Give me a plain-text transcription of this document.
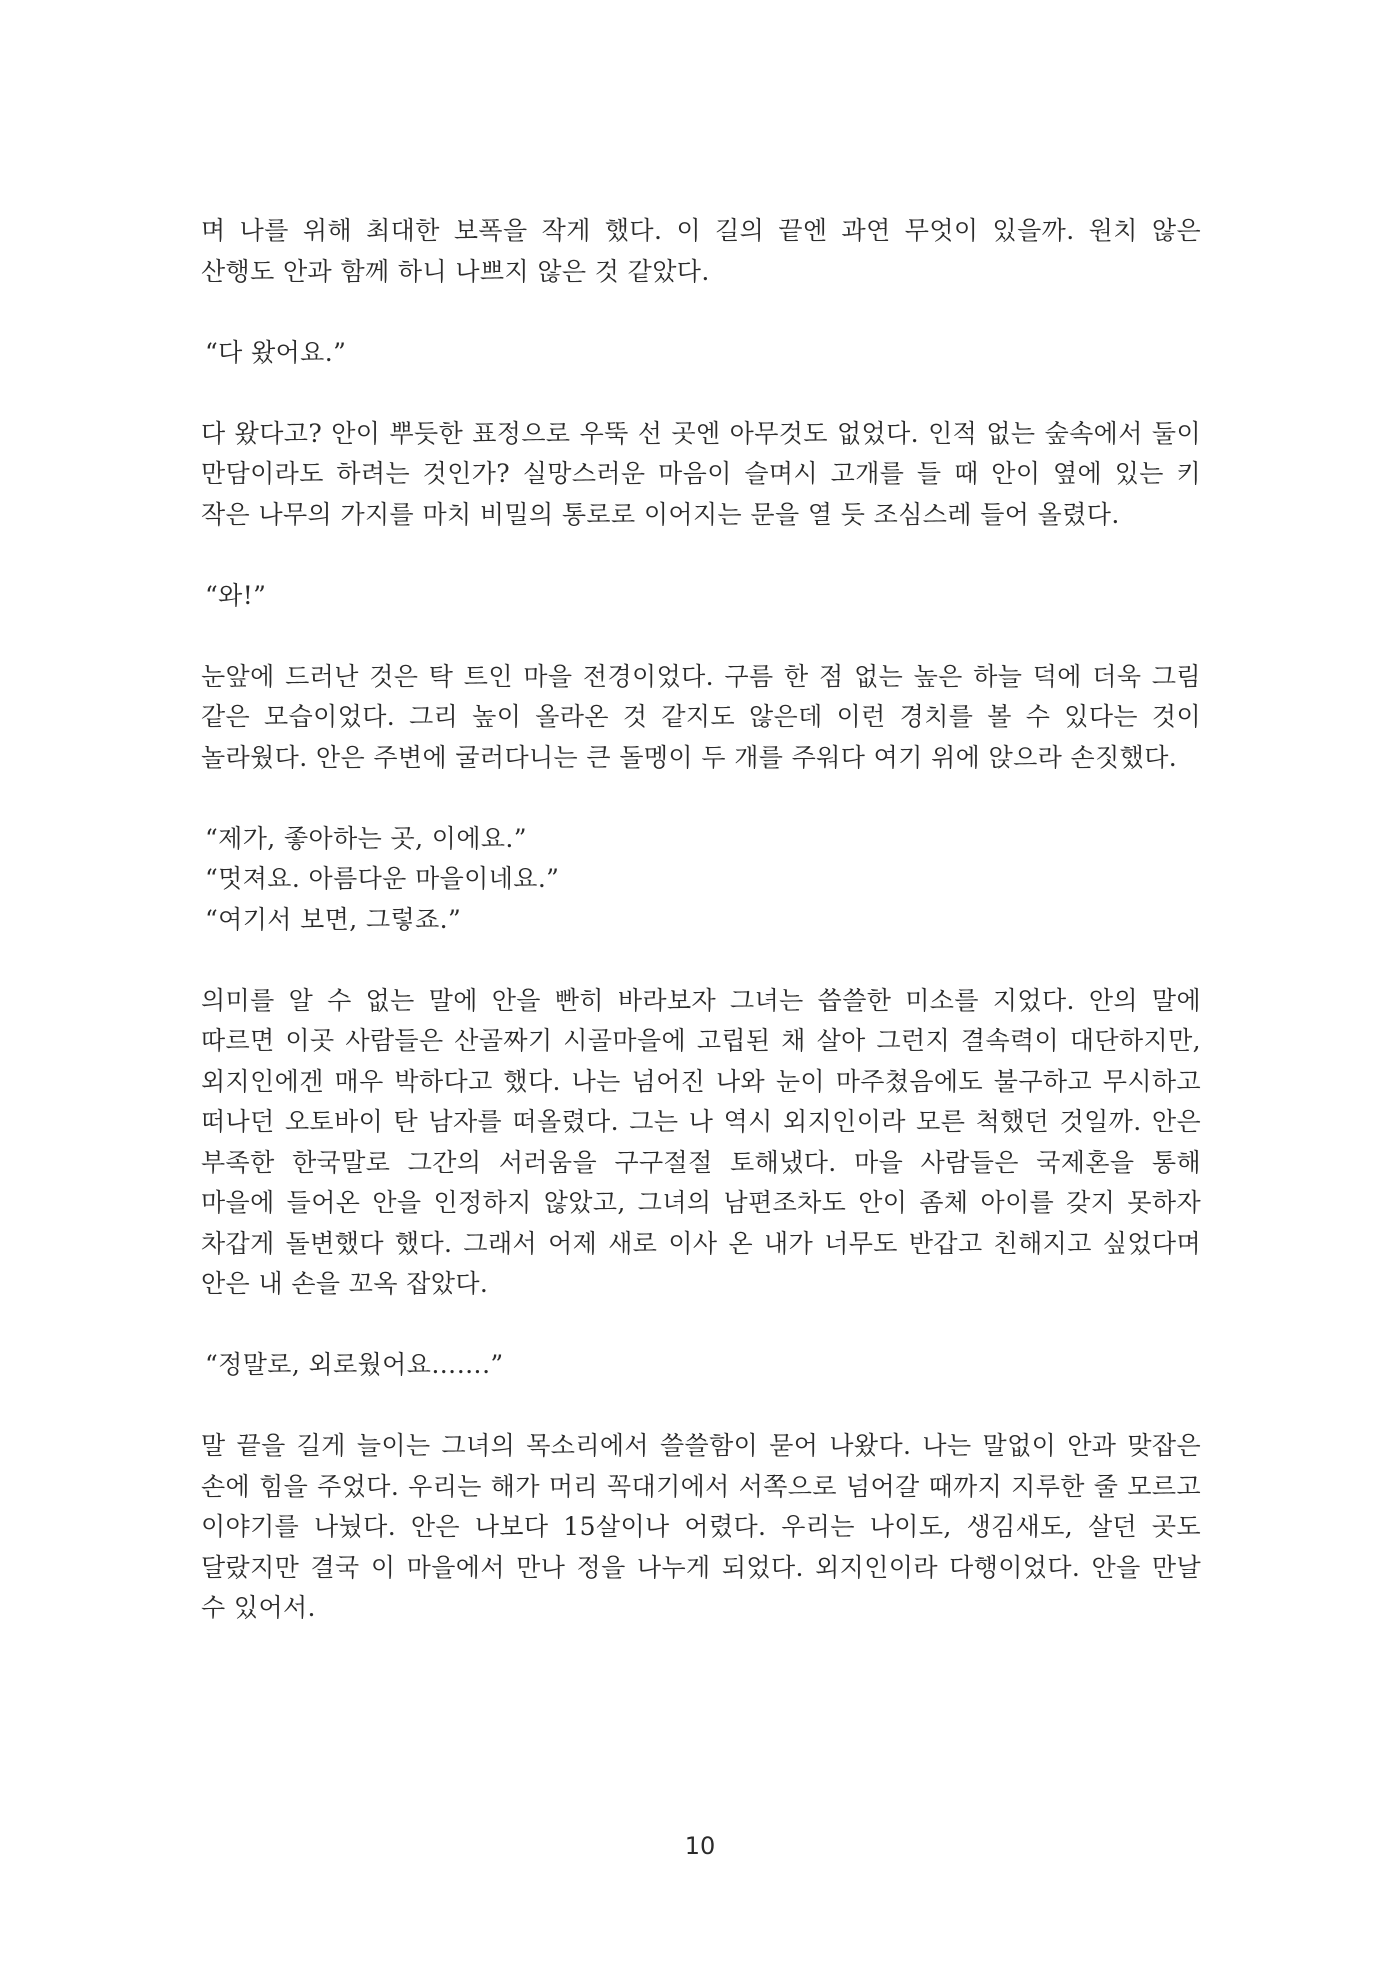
며 나를 위해 최대한 보폭을 작게 했다. 이 길의 끝엔 과연 무엇이 있을까. 원치 않은 산행도 안과 함께 하니 나쁘지 않은 것 같았다.

“다 왔어요.”

다 왔다고? 안이 뿌듯한 표정으로 우뚝 선 곳엔 아무것도 없었다. 인적 없는 숲속에서 둘이 만담이라도 하려는 것인가? 실망스러운 마음이 슬며시 고개를 들 때 안이 옆에 있는 키 작은 나무의 가지를 마치 비밀의 통로로 이어지는 문을 열 듯 조심스레 들어 올렸다.

“와!”

눈앞에 드러난 것은 탁 트인 마을 전경이었다. 구름 한 점 없는 높은 하늘 덕에 더욱 그림 같은 모습이었다. 그리 높이 올라온 것 같지도 않은데 이런 경치를 볼 수 있다는 것이 놀라웠다. 안은 주변에 굴러다니는 큰 돌멩이 두 개를 주워다 여기 위에 앉으라 손짓했다.

“제가, 좋아하는 곳, 이에요.”
“멋져요. 아름다운 마을이네요.”
“여기서 보면, 그렇죠.”

의미를 알 수 없는 말에 안을 빤히 바라보자 그녀는 씁쓸한 미소를 지었다. 안의 말에 따르면 이곳 사람들은 산골짜기 시골마을에 고립된 채 살아 그런지 결속력이 대단하지만, 외지인에겐 매우 박하다고 했다. 나는 넘어진 나와 눈이 마주쳤음에도 불구하고 무시하고 떠나던 오토바이 탄 남자를 떠올렸다. 그는 나 역시 외지인이라 모른 척했던 것일까. 안은 부족한 한국말로 그간의 서러움을 구구절절 토해냈다. 마을 사람들은 국제혼을 통해 마을에 들어온 안을 인정하지 않았고, 그녀의 남편조차도 안이 좀체 아이를 갖지 못하자 차갑게 돌변했다 했다. 그래서 어제 새로 이사 온 내가 너무도 반갑고 친해지고 싶었다며 안은 내 손을 꼬옥 잡았다.

“정말로, 외로웠어요…….”

말 끝을 길게 늘이는 그녀의 목소리에서 쓸쓸함이 묻어 나왔다. 나는 말없이 안과 맞잡은 손에 힘을 주었다. 우리는 해가 머리 꼭대기에서 서쪽으로 넘어갈 때까지 지루한 줄 모르고 이야기를 나눴다. 안은 나보다 15살이나 어렸다. 우리는 나이도, 생김새도, 살던 곳도 달랐지만 결국 이 마을에서 만나 정을 나누게 되었다. 외지인이라 다행이었다. 안을 만날 수 있어서.

10
